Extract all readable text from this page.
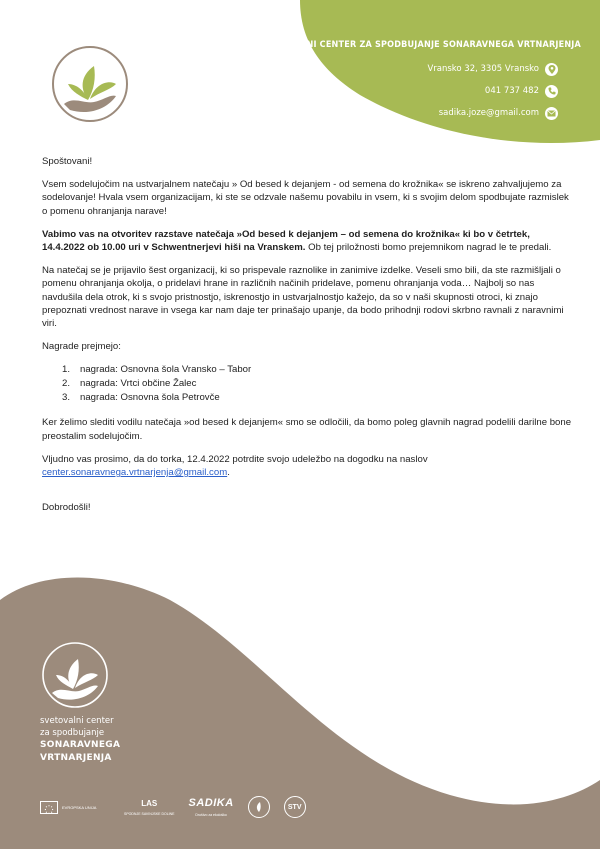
SVETOVALNI CENTER ZA SPODBUJANJE SONARAVNEGA VRTNARJENJA
Vransko 32, 3305 Vransko
041 737 482
sadika.joze@gmail.com

Spoštovani!

Vsem sodelujočim na ustvarjalnem natečaju » Od besed k dejanjem - od semena do krožnika« se iskreno zahvaljujemo za sodelovanje! Hvala vsem organizacijam, ki ste se odzvale našemu povabilu in vsem, ki s svojim delom spodbujate razmislek o pomenu ohranjanja narave!

Vabimo vas na otvoritev razstave natečaja »Od besed k dejanjem – od semena do krožnika« ki bo v četrtek, 14.4.2022 ob 10.00 uri v Schwentnerjevi hiši na Vranskem. Ob tej priložnosti bomo prejemnikom nagrad le te predali.

Na natečaj se je prijavilo šest organizacij, ki so prispevale raznolike in zanimive izdelke. Veseli smo bili, da ste razmišljali o pomenu ohranjanja okolja, o pridelavi hrane in različnih načinih pridelave, pomenu ohranjanja voda… Najbolj so nas navdušila dela otrok, ki s svojo pristnostjo, iskrenostjo in ustvarjalnostjo kažejo, da so v naši skupnosti otroci, ki znajo prepoznati vrednost narave in vsega kar nam daje ter prinašajo upanje, da bodo prihodnji rodovi skrbno ravnali z naravnimi viri.

Nagrade prejmejo:

1.	nagrada: Osnovna šola Vransko – Tabor
2.	nagrada: Vrtci občine Žalec
3.	nagrada: Osnovna šola Petrovče

Ker želimo slediti vodilu natečaja »od besed k dejanjem« smo se odločili, da bomo poleg glavnih nagrad podelili darilne bone preostalim sodelujočim.

Vljudno vas prosimo, da do torka, 12.4.2022 potrdite svojo udeležbo na dogodku na naslov center.sonaravnega.vrtnarjenja@gmail.com.

Dobrodošli!

svetovalni center
za spodbujanje
SONARAVNEGA
VRTNARJENJA
EVROPSKA UNIJA	LAS
SPODNJE SAVINJSKE DOLINE
SADIKA
Društvo za ekološko
STV
